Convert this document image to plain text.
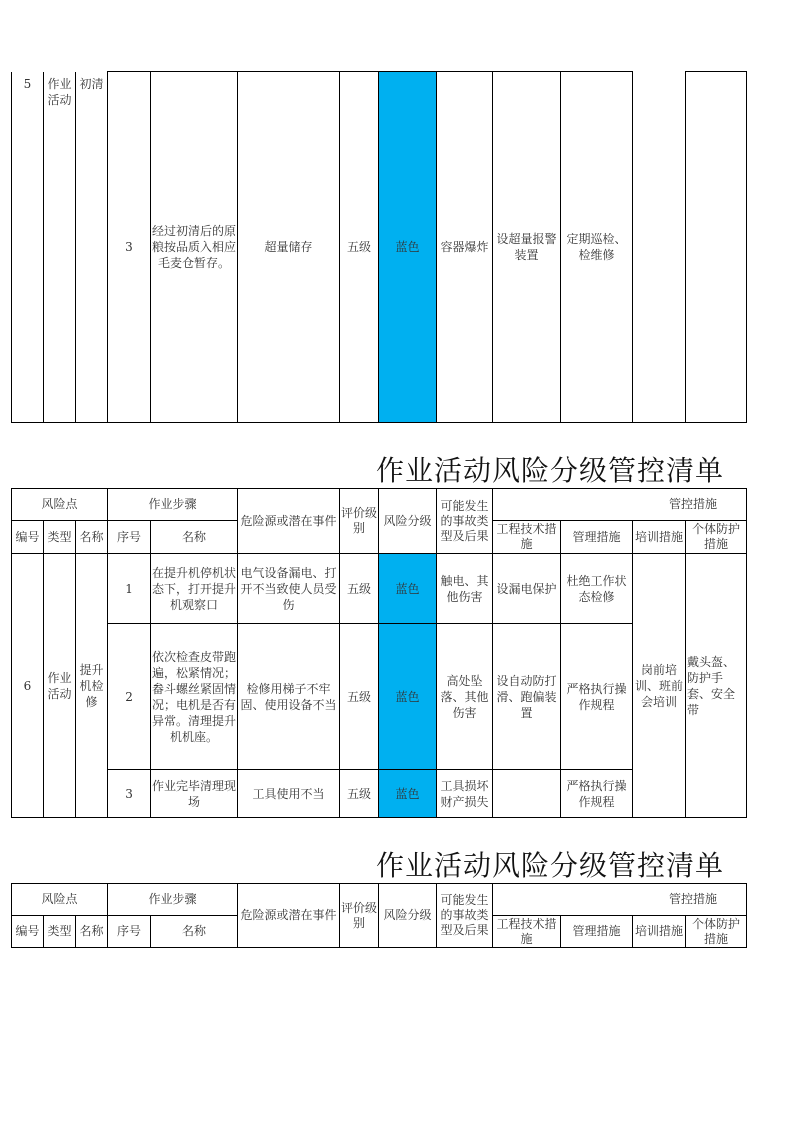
5	作业活动	初清	3	经过初清后的原粮按品质入相应毛麦仓暂存。	超量储存	五级	蓝色	容器爆炸	设超量报警装置	定期巡检、检维修		
作业活动风险分级管控清单
风险点			作业步骤		危险源或潜在事件	评价级别	风险分级	可能发生的事故类型及后果	管控措施			
编号	类型	名称	序号	名称					工程技术措施	管理措施	培训措施	个体防护措施
6	作业活动	提升机检修	1	在提升机停机状态下，打开提升机观察口	电气设备漏电、打开不当致使人员受伤	五级	蓝色	触电、其他伤害	设漏电保护	杜绝工作状态检修	岗前培训、班前会培训	戴头盔、防护手套、安全带
			2	依次检查皮带跑遍，松紧情况；畚斗螺丝紧固情况；电机是否有异常。清理提升机机座。	检修用梯子不牢固、使用设备不当	五级	蓝色	高处坠落、其他伤害	设自动防打滑、跑偏装置	严格执行操作规程		
			3	作业完毕清理现场	工具使用不当	五级	蓝色	工具损坏财产损失		严格执行操作规程		
作业活动风险分级管控清单
风险点			作业步骤		危险源或潜在事件	评价级别	风险分级	可能发生的事故类型及后果	管控措施			
编号	类型	名称	序号	名称					工程技术措施	管理措施	培训措施	个体防护措施
